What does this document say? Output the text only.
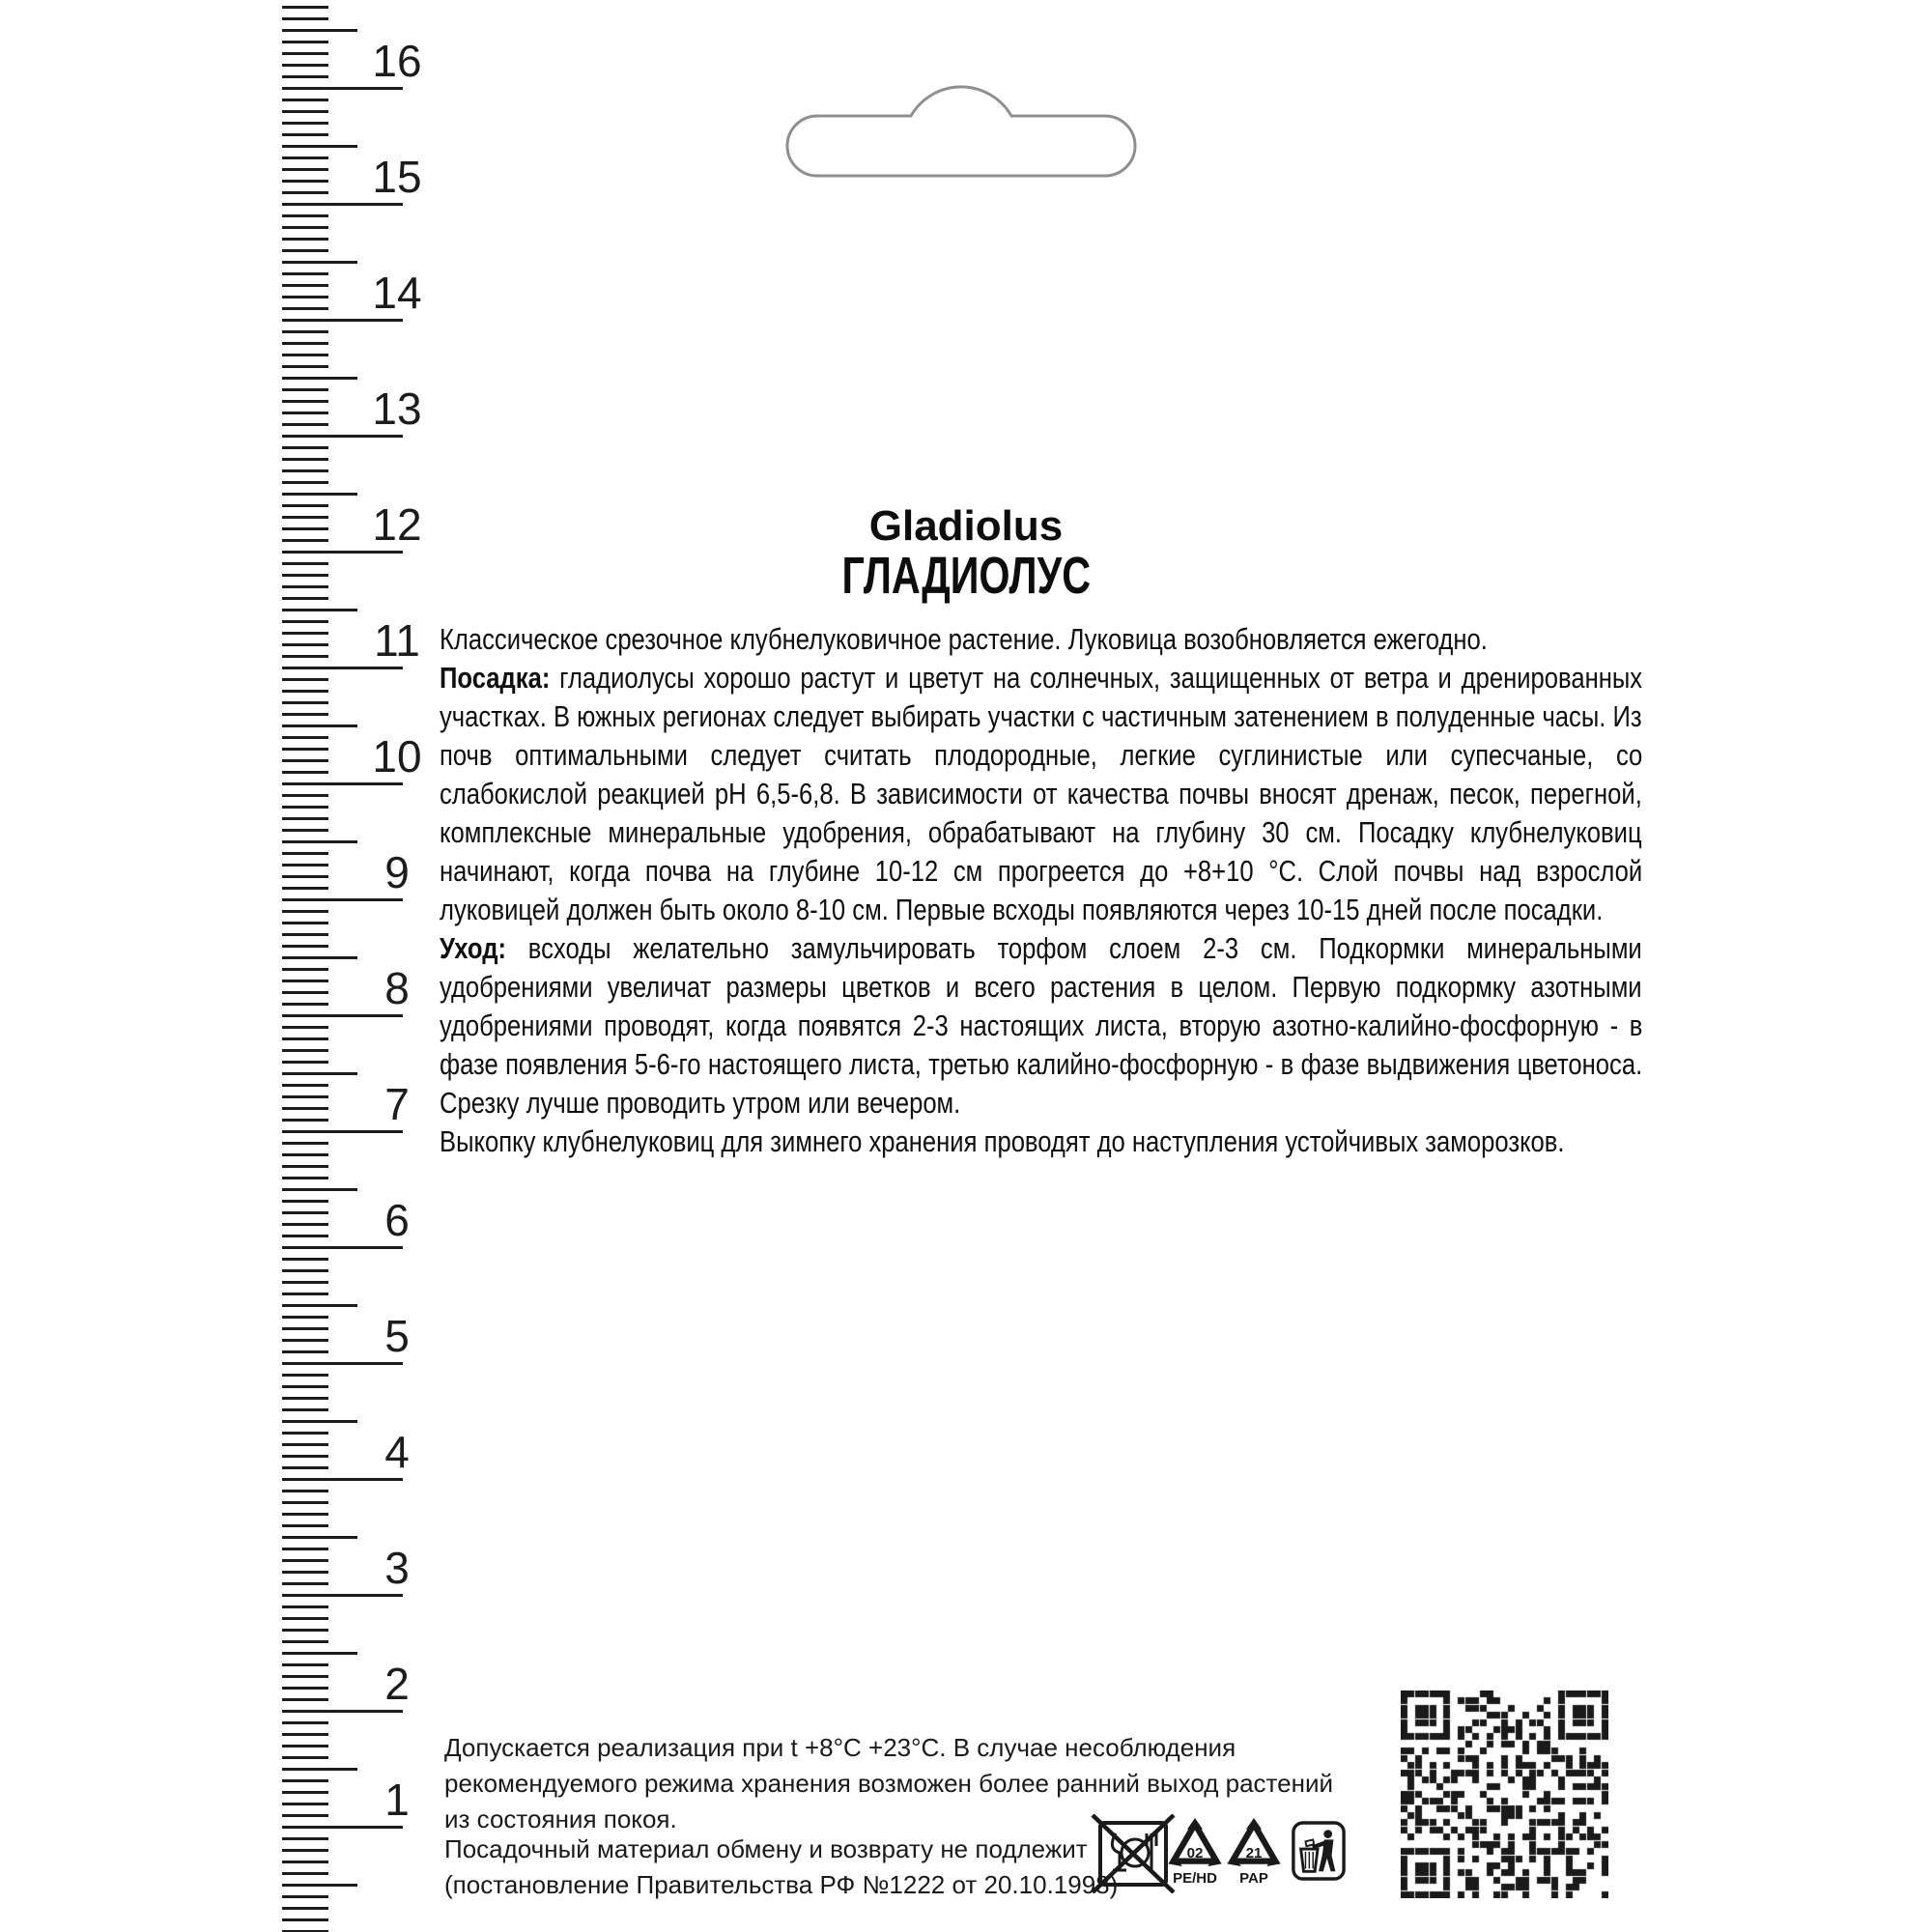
16
15
14
13
12
11
10
9
8
7
6
5
4
3
2
1
Gladiolus
ГЛАДИОЛУС
Классическое срезочное клубнелуковичное растение. Луковица возобновляется ежегодно.
Посадка: гладиолусы хорошо растут и цветут на солнечных, защищенных от ветра и дренированных
участках. В южных регионах следует выбирать участки с частичным затенением в полуденные часы. Из
почв оптимальными следует считать плодородные, легкие суглинистые или супесчаные, со
слабокислой реакцией pH 6,5-6,8. В зависимости от качества почвы вносят дренаж, песок, перегной,
комплексные минеральные удобрения, обрабатывают на глубину 30 см. Посадку клубнелуковиц
начинают, когда почва на глубине 10-12 см прогреется до +8+10 °С. Слой почвы над взрослой
луковицей должен быть около 8-10 см. Первые всходы появляются через 10-15 дней после посадки.
Уход: всходы желательно замульчировать торфом слоем 2-3 см. Подкормки минеральными
удобрениями увеличат размеры цветков и всего растения в целом. Первую подкормку азотными
удобрениями проводят, когда появятся 2-3 настоящих листа, вторую азотно-калийно-фосфорную - в
фазе появления 5-6-го настоящего листа, третью калийно-фосфорную - в фазе выдвижения цветоноса.
Срезку лучше проводить утром или вечером.
Выкопку клубнелуковиц для зимнего хранения проводят до наступления устойчивых заморозков.
Допускается реализация при t +8°С +23°С. В случае несоблюдения
рекомендуемого режима хранения возможен более ранний выход растений
из состояния покоя.
Посадочный материал обмену и возврату не подлежит
(постановление Правительства РФ №1222 от 20.10.1998)
02
PE/HD
21
PAP
